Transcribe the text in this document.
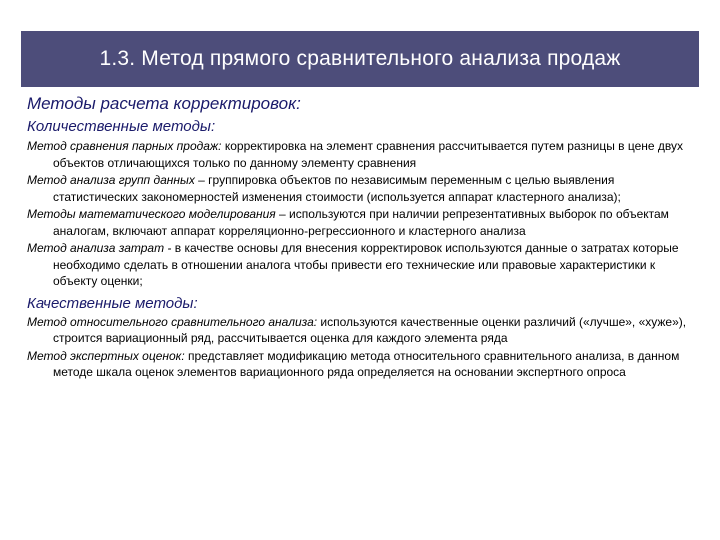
1.3. Метод прямого сравнительного анализа продаж

Методы расчета корректировок:

Количественные методы:

Метод сравнения парных продаж: корректировка на элемент сравнения рассчитывается путем разницы в цене двух объектов отличающихся только по данному элементу сравнения

Метод анализа групп данных – группировка объектов по независимым переменным с целью выявления статистических закономерностей изменения стоимости (используется аппарат кластерного анализа);

Методы математического моделирования – используются при наличии репрезентативных выборок по объектам аналогам, включают аппарат корреляционно-регрессионного и кластерного анализа

Метод анализа затрат - в качестве основы для внесения корректировок используются данные о затратах которые необходимо сделать в отношении аналога чтобы привести его технические или правовые характеристики к объекту оценки;

Качественные методы:

Метод относительного сравнительного анализа: используются качественные оценки различий («лучше», «хуже»), строится вариационный ряд, рассчитывается оценка для каждого элемента ряда

Метод экспертных оценок: представляет модификацию метода относительного сравнительного анализа, в данном методе шкала оценок элементов вариационного ряда определяется на основании экспертного опроса
